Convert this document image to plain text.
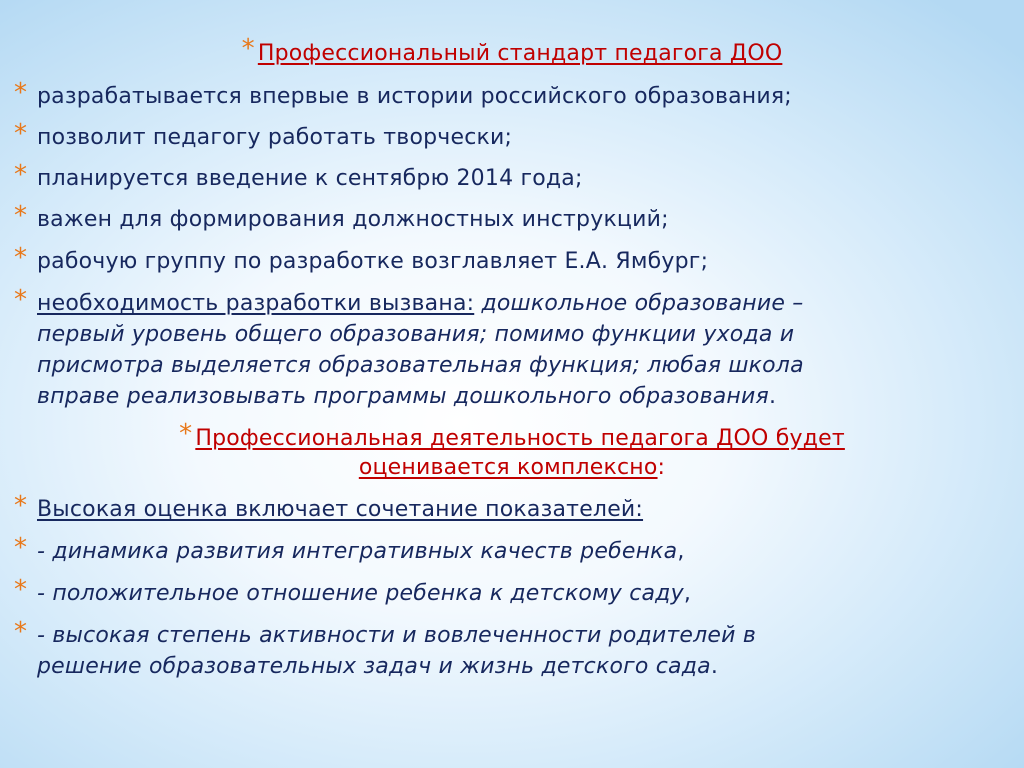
* Профессиональный стандарт педагога ДОО
* разрабатывается впервые в истории российского образования;
* позволит педагогу работать творчески;
* планируется введение к сентябрю 2014 года;
* важен для формирования должностных инструкций;
* рабочую группу по разработке возглавляет Е.А. Ямбург;
* необходимость разработки вызвана: дошкольное образование –
первый уровень общего образования; помимо функции ухода и
присмотра выделяется образовательная функция; любая школа
вправе реализовывать программы дошкольного образования.
* Профессиональная деятельность педагога ДОО будет
оцениваетcя комплексно:
* Высокая оценка включает сочетание показателей:
* - динамика развития интегративных качеств ребенка,
* - положительное отношение ребенка к детскому саду,
* - высокая степень активности и вовлеченности родителей в
решение образовательных задач и жизнь детского сада.
